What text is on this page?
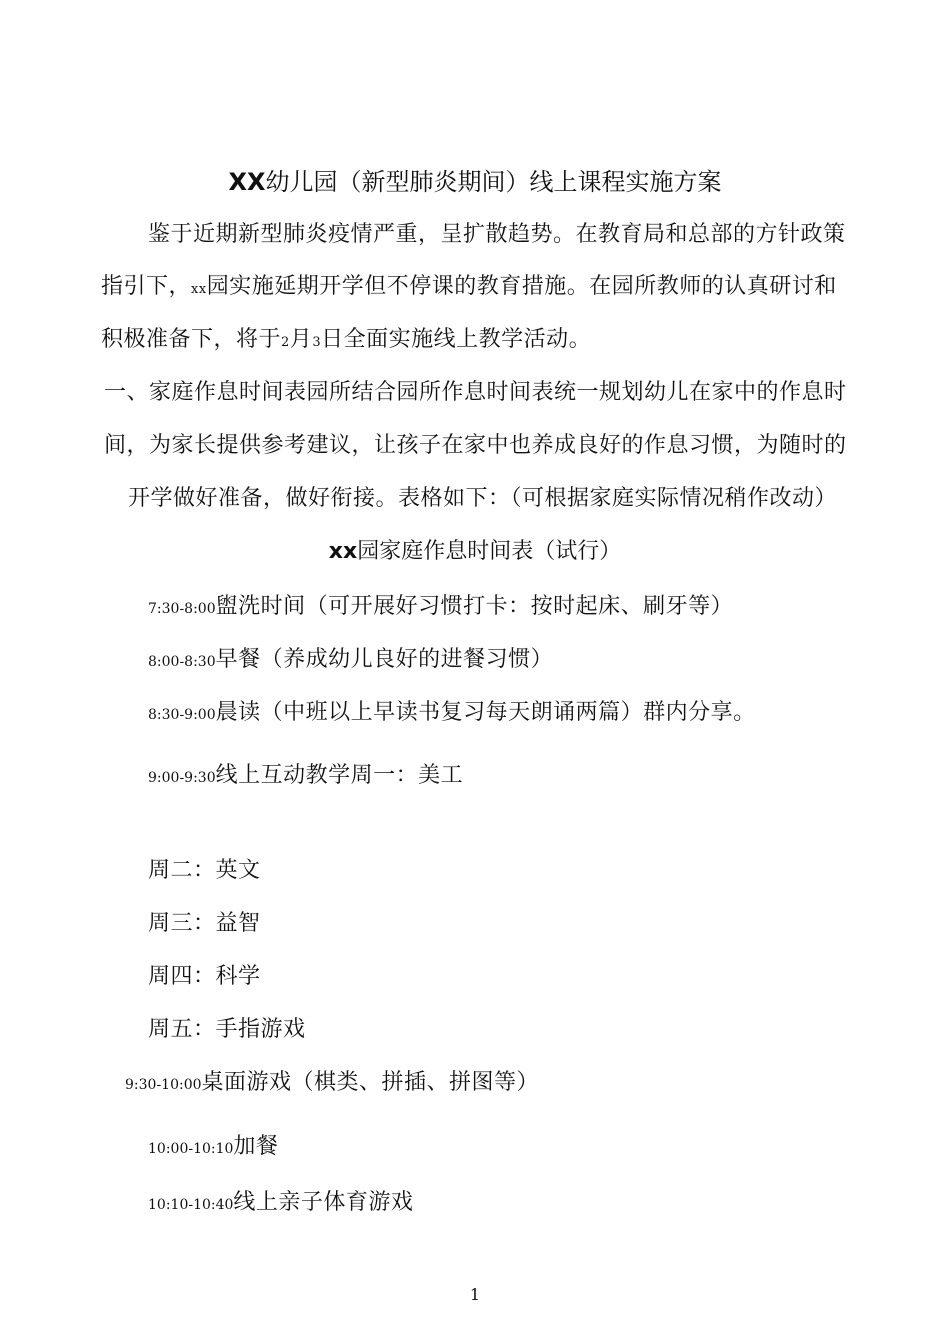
XX幼儿园（新型肺炎期间）线上课程实施方案
鉴于近期新型肺炎疫情严重，呈扩散趋势。在教育局和总部的方针政策
指引下，xx园实施延期开学但不停课的教育措施。在园所教师的认真研讨和
积极准备下，将于2月3日全面实施线上教学活动。
一、家庭作息时间表园所结合园所作息时间表统一规划幼儿在家中的作息时
间，为家长提供参考建议，让孩子在家中也养成良好的作息习惯，为随时的
开学做好准备，做好衔接。表格如下：（可根据家庭实际情况稍作改动）
xx园家庭作息时间表（试行）
7:30-8:00盥洗时间（可开展好习惯打卡：按时起床、刷牙等）
8:00-8:30早餐（养成幼儿良好的进餐习惯）
8:30-9:00晨读（中班以上早读书复习每天朗诵两篇）群内分享。
9:00-9:30线上互动教学周一：美工
周二：英文
周三：益智
周四：科学
周五：手指游戏
9:30-10:00桌面游戏（棋类、拼插、拼图等）
10:00-10:10加餐
10:10-10:40线上亲子体育游戏
1
